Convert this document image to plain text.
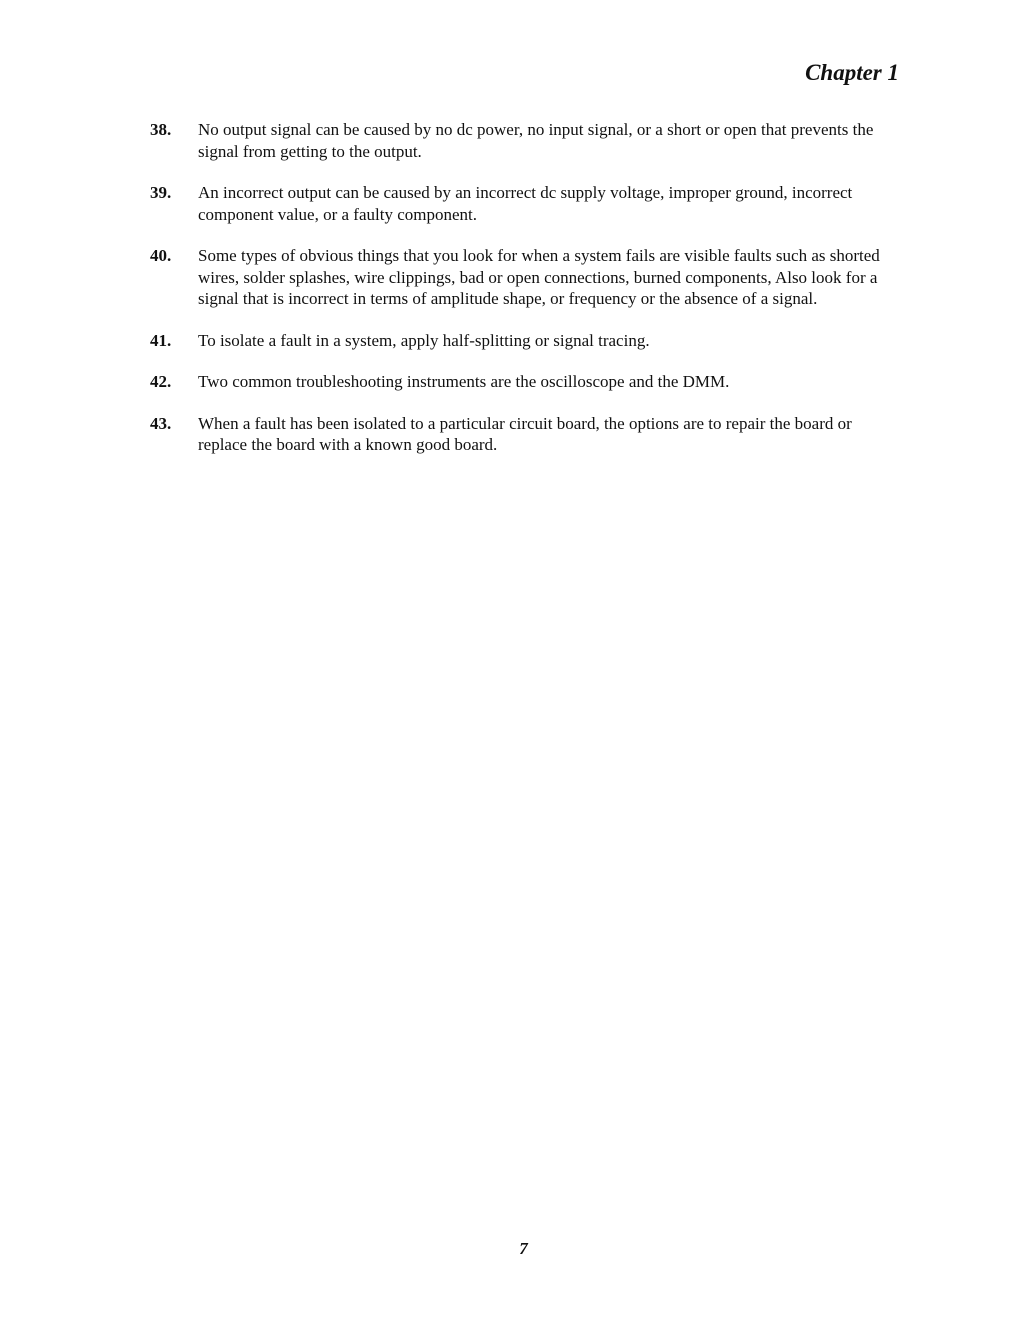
Chapter 1
38. No output signal can be caused by no dc power, no input signal, or a short or open that prevents the signal from getting to the output.
39. An incorrect output can be caused by an incorrect dc supply voltage, improper ground, incorrect component value, or a faulty component.
40. Some types of obvious things that you look for when a system fails are visible faults such as shorted wires, solder splashes, wire clippings, bad or open connections, burned components, Also look for a signal that is incorrect in terms of amplitude shape, or frequency or the absence of a signal.
41. To isolate a fault in a system, apply half-splitting or signal tracing.
42. Two common troubleshooting instruments are the oscilloscope and the DMM.
43. When a fault has been isolated to a particular circuit board, the options are to repair the board or replace the board with a known good board.
7
